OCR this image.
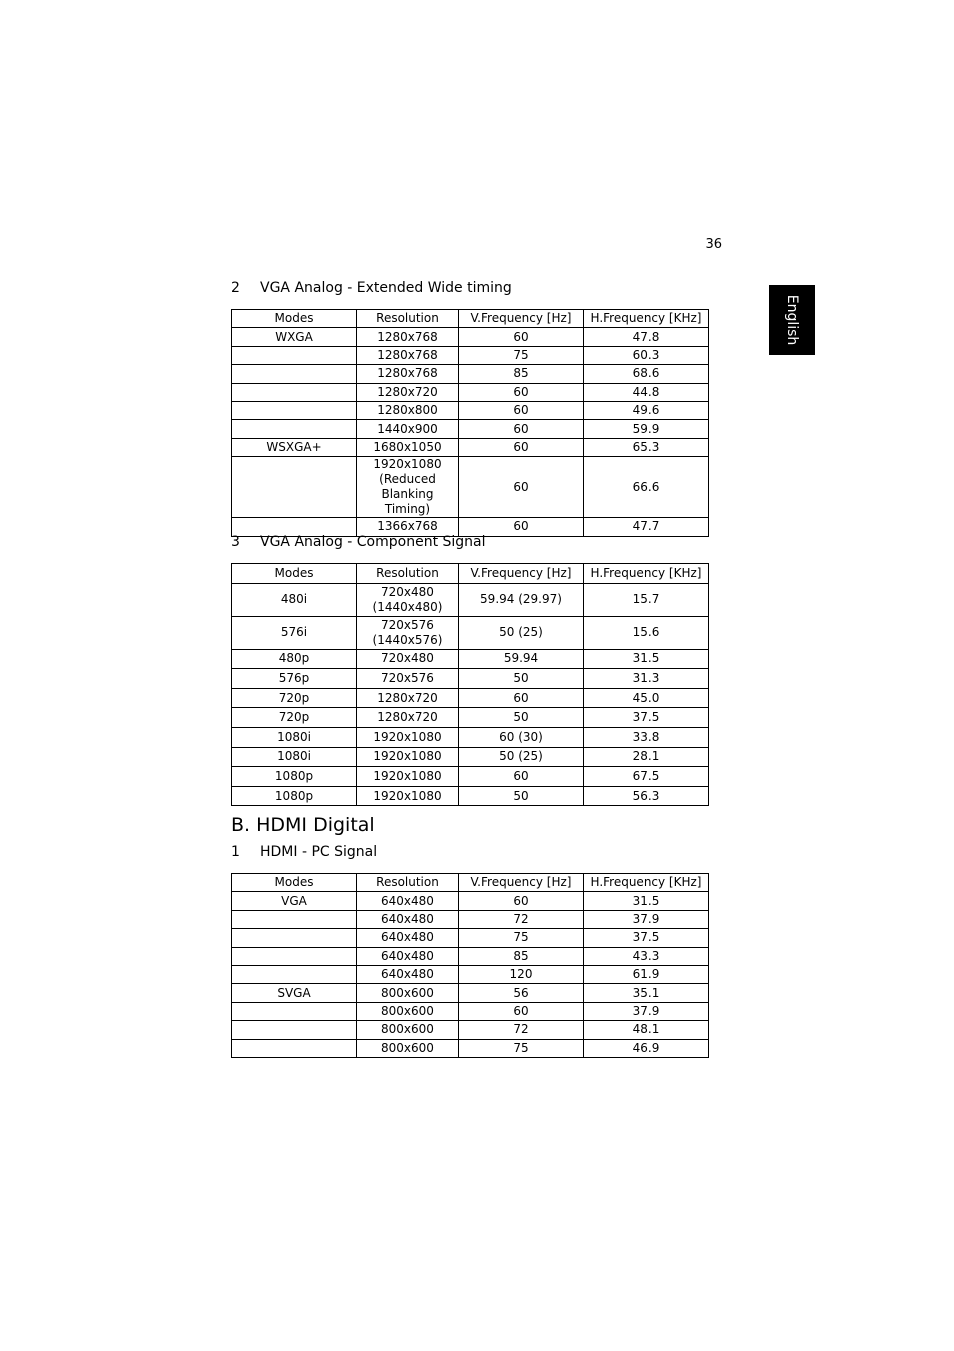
36
English
2 VGA Analog - Extended Wide timing
Modes	Resolution	V.Frequency [Hz]	H.Frequency [KHz]
WXGA	1280x768	60	47.8
	1280x768	75	60.3
	1280x768	85	68.6
	1280x720	60	44.8
	1280x800	60	49.6
	1440x900	60	59.9
WSXGA+	1680x1050	60	65.3
	1920x1080 (Reduced Blanking Timing)	60	66.6
	1366x768	60	47.7
3 VGA Analog - Component Signal
Modes	Resolution	V.Frequency [Hz]	H.Frequency [KHz]
480i	720x480 (1440x480)	59.94 (29.97)	15.7
576i	720x576 (1440x576)	50 (25)	15.6
480p	720x480	59.94	31.5
576p	720x576	50	31.3
720p	1280x720	60	45.0
720p	1280x720	50	37.5
1080i	1920x1080	60 (30)	33.8
1080i	1920x1080	50 (25)	28.1
1080p	1920x1080	60	67.5
1080p	1920x1080	50	56.3
B. HDMI Digital
1 HDMI - PC Signal
Modes	Resolution	V.Frequency [Hz]	H.Frequency [KHz]
VGA	640x480	60	31.5
	640x480	72	37.9
	640x480	75	37.5
	640x480	85	43.3
	640x480	120	61.9
SVGA	800x600	56	35.1
	800x600	60	37.9
	800x600	72	48.1
	800x600	75	46.9
